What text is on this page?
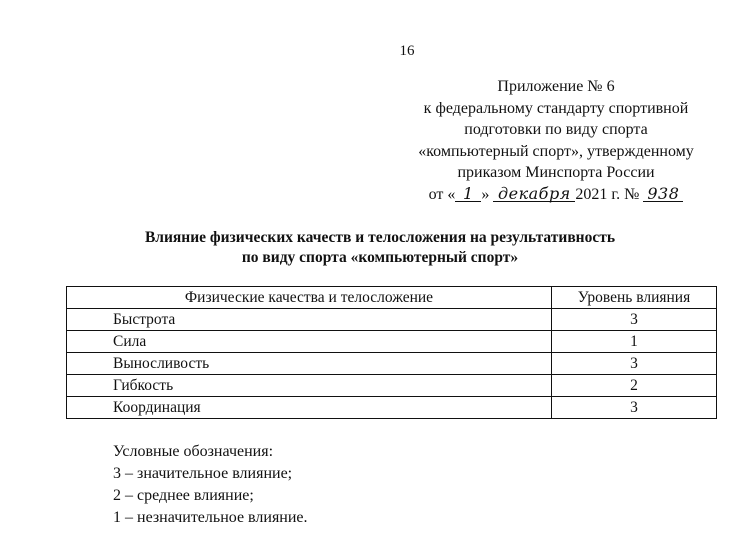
16
Приложение № 6
к федеральному стандарту спортивной
подготовки по виду спорта
«компьютерный спорт», утвержденному
приказом Минспорта России
от « 1 » декабря 2021 г. № 938
Влияние физических качеств и телосложения на результативность
по виду спорта «компьютерный спорт»
Физические качества и телосложение	Уровень влияния
Быстрота	3
Сила	1
Выносливость	3
Гибкость	2
Координация	3
Условные обозначения:
3 – значительное влияние;
2 – среднее влияние;
1 – незначительное влияние.
